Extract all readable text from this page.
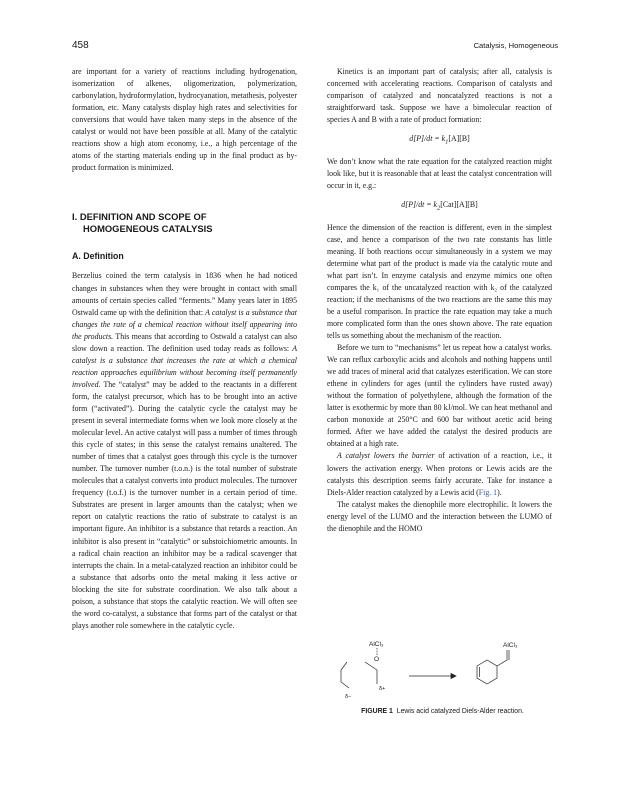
458	Catalysis, Homogeneous

are important for a variety of reactions including hydrogenation, isomerization of alkenes, oligomerization, polymerization, carbonylation, hydroformylation, hydrocyanation, metathesis, polyester formation, etc. Many catalysts display high rates and selectivities for conversions that would have taken many steps in the absence of the catalyst or would not have been possible at all. Many of the catalytic reactions show a high atom economy, i.e., a high percentage of the atoms of the starting materials ending up in the final product as by-product formation is minimized.

I. DEFINITION AND SCOPE OF
HOMOGENEOUS CATALYSIS
A. Definition

Berzelius coined the term catalysis in 1836 when he had noticed changes in substances when they were brought in contact with small amounts of certain species called “ferments.” Many years later in 1895 Ostwald came up with the definition that: A catalyst is a substance that changes the rate of a chemical reaction without itself appearing into the products. This means that according to Ostwald a catalyst can also slow down a reaction. The definition used today reads as follows: A catalyst is a substance that increases the rate at which a chemical reaction approaches equilibrium without becoming itself permanently involved. The “catalyst” may be added to the reactants in a different form, the catalyst precursor, which has to be brought into an active form (“activated”). During the catalytic cycle the catalyst may be present in several intermediate forms when we look more closely at the molecular level. An active catalyst will pass a number of times through this cycle of states; in this sense the catalyst remains unaltered. The number of times that a catalyst goes through this cycle is the turnover number. The turnover number (t.o.n.) is the total number of substrate molecules that a catalyst converts into product molecules. The turnover frequency (t.o.f.) is the turnover number in a certain period of time. Substrates are present in larger amounts than the catalyst; when we report on catalytic reactions the ratio of substrate to catalyst is an important figure. An inhibitor is a substance that retards a reaction. An inhibitor is also present in “catalytic” or substoichiometric amounts. In a radical chain reaction an inhibitor may be a radical scavenger that interrupts the chain. In a metal-catalyzed reaction an inhibitor could be a substance that adsorbs onto the metal making it less active or blocking the site for substrate coordination. We also talk about a poison, a substance that stops the catalytic reaction. We will often see the word co-catalyst, a substance that forms part of the catalyst or that plays another role somewhere in the catalytic cycle.

Kinetics is an important part of catalysis; after all, catalysis is concerned with accelerating reactions. Comparison of catalysts and comparison of catalyzed and noncatalyzed reactions is not a straightforward task. Suppose we have a bimolecular reaction of species A and B with a rate of product formation:

$d[P]/dt = k_1[A][B]$

We don’t know what the rate equation for the catalyzed reaction might look like, but it is reasonable that at least the catalyst concentration will occur in it, e.g.:

$d[P]/dt = k_2[Cat][A][B]$

Hence the dimension of the reaction is different, even in the simplest case, and hence a comparison of the two rate constants has little meaning. If both reactions occur simultaneously in a system we may determine what part of the product is made via the catalytic route and what part isn’t. In enzyme catalysis and enzyme mimics one often compares the k₁ of the uncatalyzed reaction with k₂ of the catalyzed reaction; if the mechanisms of the two reactions are the same this may be a useful comparison. In practice the rate equation may take a much more complicated form than the ones shown above. The rate equation tells us something about the mechanism of the reaction.

Before we turn to “mechanisms” let us repeat how a catalyst works. We can reflux carboxylic acids and alcohols and nothing happens until we add traces of mineral acid that catalyzes esterification. We can store ethene in cylinders for ages (until the cylinders have rusted away) without the formation of polyethylene, although the formation of the latter is exothermic by more than 80 kJ/mol. We can heat methanol and carbon monoxide at 250°C and 600 bar without acetic acid being formed. After we have added the catalyst the desired products are obtained at a high rate.

A catalyst lowers the barrier of activation of a reaction, i.e., it lowers the activation energy. When protons or Lewis acids are the catalysts this description seems fairly accurate. Take for instance a Diels-Alder reaction catalyzed by a Lewis acid (Fig. 1).

The catalyst makes the dienophile more electrophilic. It lowers the energy level of the LUMO and the interaction between the LUMO of the dienophile and the HOMO

AlCl₃
O
δ+
δ−
AlCl₃
FIGURE 1 Lewis acid catalyzed Diels-Alder reaction.
